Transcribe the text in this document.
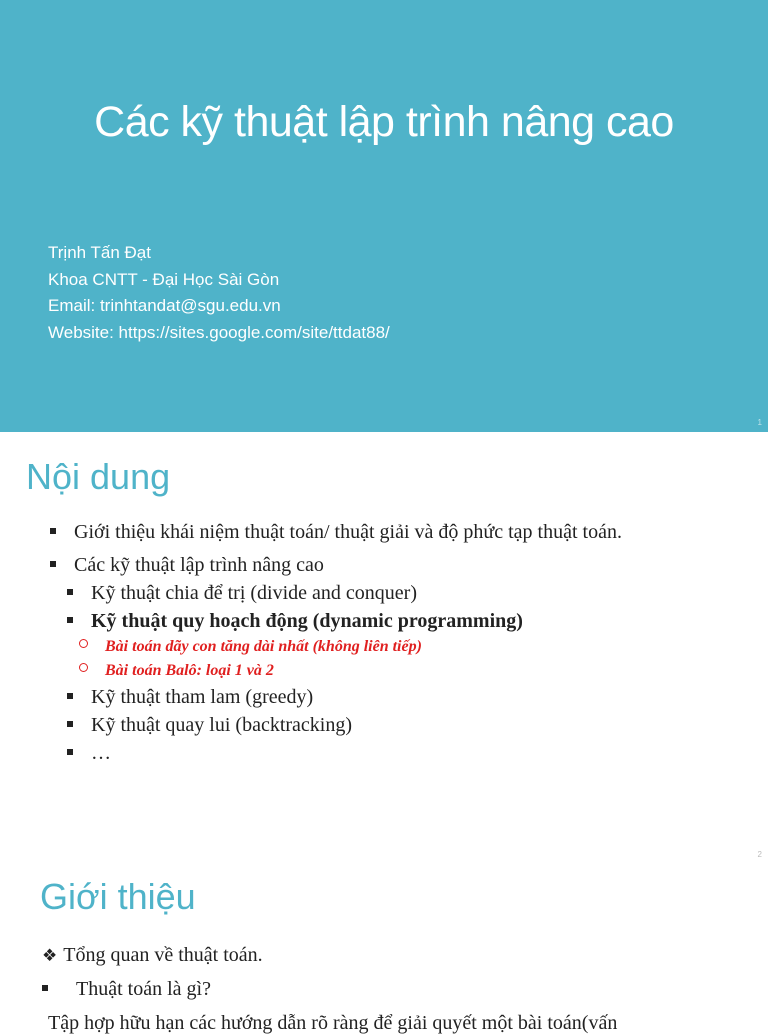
Các kỹ thuật lập trình nâng cao
Trịnh Tấn Đạt
Khoa CNTT - Đại Học Sài Gòn
Email: trinhtandat@sgu.edu.vn
Website: https://sites.google.com/site/ttdat88/
1
Nội dung
Giới thiệu khái niệm thuật toán/ thuật giải và độ phức tạp thuật toán.
Các kỹ thuật lập trình nâng cao
Kỹ thuật chia để trị (divide and conquer)
Kỹ thuật quy hoạch động (dynamic programming)
Bài toán dãy con tăng dài nhất (không liên tiếp)
Bài toán Balô: loại 1 và 2
Kỹ thuật tham lam (greedy)
Kỹ thuật quay lui (backtracking)
…
2
Giới thiệu
❖ Tổng quan về thuật toán.
Thuật toán là gì?
Tập hợp hữu hạn các hướng dẫn rõ ràng để giải quyết một bài toán(vấn
